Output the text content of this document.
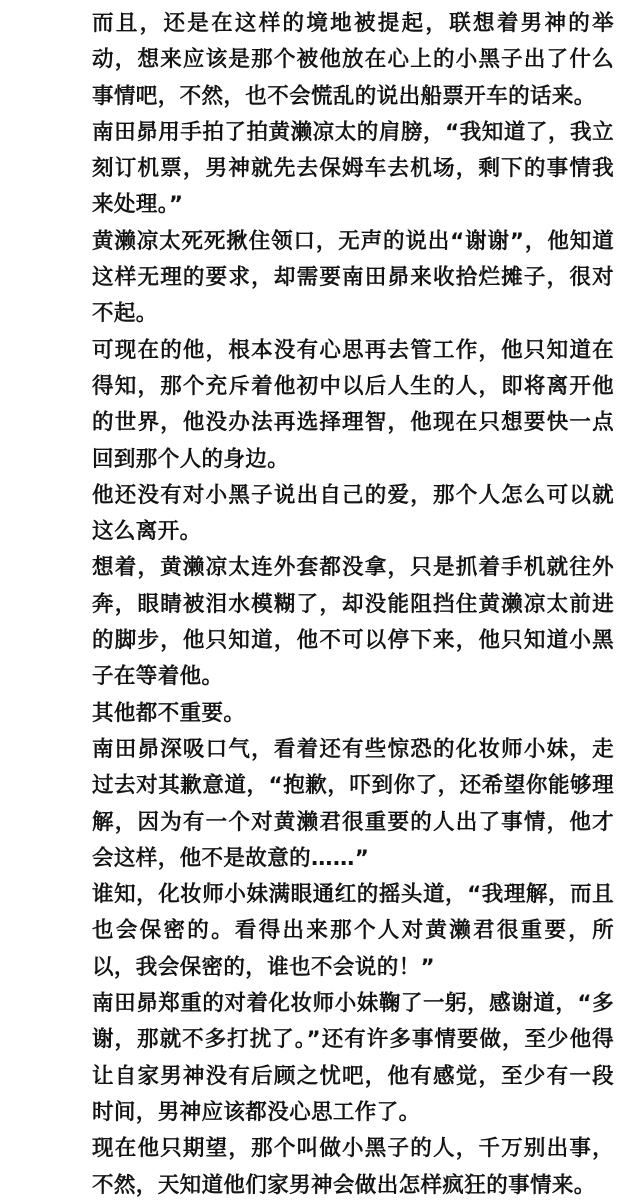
而且，还是在这样的境地被提起，联想着男神的举动，想来应该是那个被他放在心上的小黑子出了什么事情吧，不然，也不会慌乱的说出船票开车的话来。

南田昴用手拍了拍黄濑凉太的肩膀，“我知道了，我立刻订机票，男神就先去保姆车去机场，剩下的事情我来处理。”

黄濑凉太死死揪住领口，无声的说出“谢谢”，他知道这样无理的要求，却需要南田昴来收拾烂摊子，很对不起。

可现在的他，根本没有心思再去管工作，他只知道在得知，那个充斥着他初中以后人生的人，即将离开他的世界，他没办法再选择理智，他现在只想要快一点回到那个人的身边。

他还没有对小黑子说出自己的爱，那个人怎么可以就这么离开。

想着，黄濑凉太连外套都没拿，只是抓着手机就往外奔，眼睛被泪水模糊了，却没能阻挡住黄濑凉太前进的脚步，他只知道，他不可以停下来，他只知道小黑子在等着他。

其他都不重要。

南田昴深吸口气，看着还有些惊恐的化妆师小妹，走过去对其歉意道，“抱歉，吓到你了，还希望你能够理解，因为有一个对黄濑君很重要的人出了事情，他才会这样，他不是故意的……”

谁知，化妆师小妹满眼通红的摇头道，“我理解，而且也会保密的。看得出来那个人对黄濑君很重要，所以，我会保密的，谁也不会说的！”

南田昴郑重的对着化妆师小妹鞠了一躬，感谢道，“多谢，那就不多打扰了。”还有许多事情要做，至少他得让自家男神没有后顾之忧吧，他有感觉，至少有一段时间，男神应该都没心思工作了。

现在他只期望，那个叫做小黑子的人，千万别出事，不然，天知道他们家男神会做出怎样疯狂的事情来。
